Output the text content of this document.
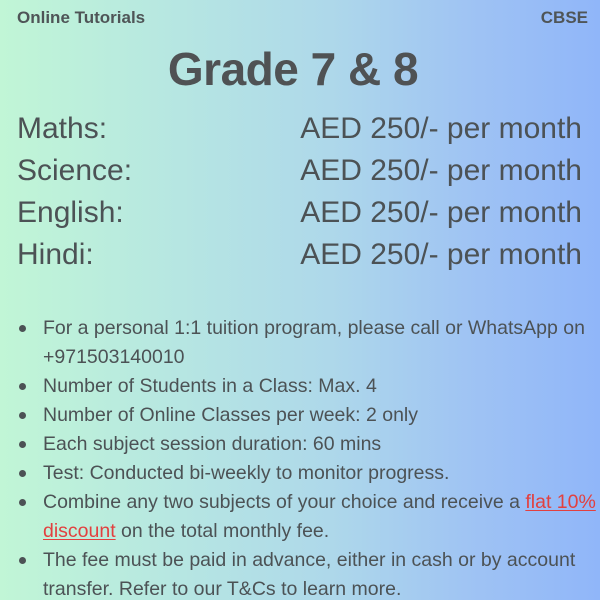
Online Tutorials	CBSE
Grade 7 & 8
Maths:	AED 250/- per month
Science:	AED 250/- per month
English:	AED 250/- per month
Hindi:	AED 250/- per month
For a personal 1:1 tuition program, please call or WhatsApp on +971503140010
Number of Students in a Class: Max. 4
Number of Online Classes per week: 2 only
Each subject session duration: 60 mins
Test: Conducted bi-weekly to monitor progress.
Combine any two subjects of your choice and receive a flat 10% discount on the total monthly fee.
The fee must be paid in advance, either in cash or by account transfer. Refer to our T&Cs to learn more.
